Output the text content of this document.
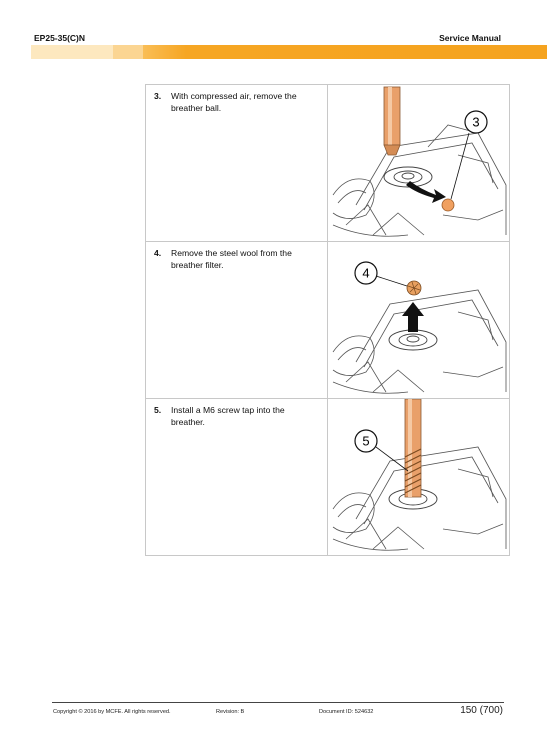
EP25-35(C)N	Service Manual
3. With compressed air, remove the breather ball.	3

4. Remove the steel wool from the breather filter.	4

5. Install a M6 screw tap into the breather.	5
Copyright © 2016 by MCFE. All rights reserved.	Revision: B	Document ID: 524632	150 (700)
